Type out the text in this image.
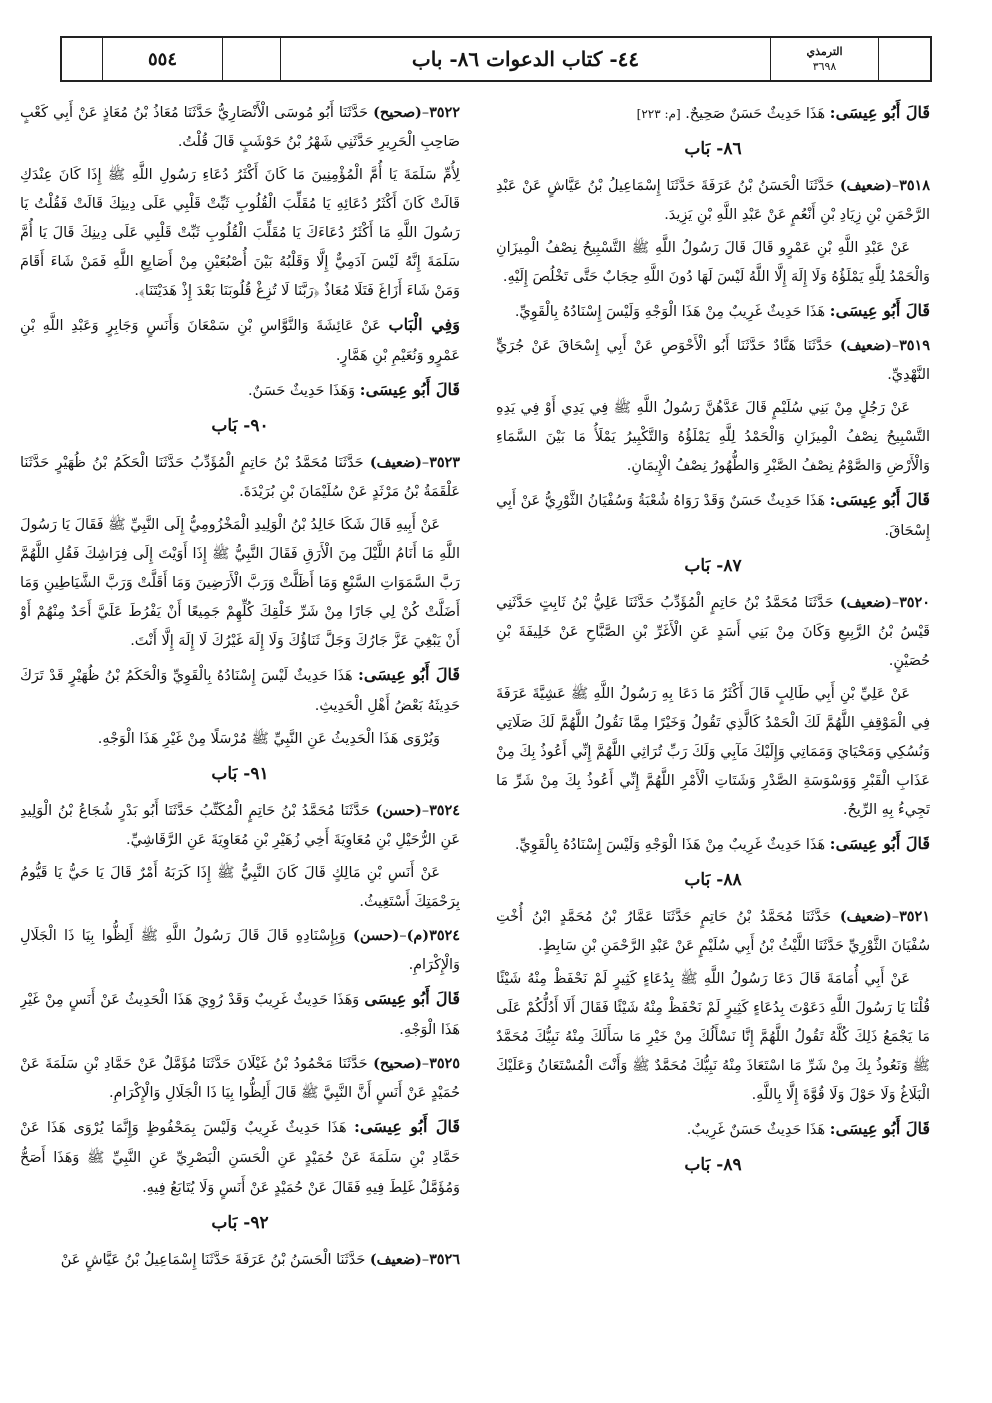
٥٥٤	٤٤- كتاب الدعوات ٨٦- باب	الترمذي
٣٦٩٨

قَالَ أَبُو عِيسَى: هَذَا حَدِيثٌ حَسَنٌ صَحِيحٌ. [م: ٢٢٣]

٨٦- بَاب

٣٥١٨–(ضعيف) حَدَّثَنَا الْحَسَنُ بْنُ عَرَفَةَ حَدَّثَنَا إِسْمَاعِيلُ بْنُ عَيَّاشٍ عَنْ عَبْدِ الرَّحْمَنِ بْنِ زِيَادِ بْنِ أَنْعُمٍ عَنْ عَبْدِ اللَّهِ بْنِ يَزِيدَ.

عَنْ عَبْدِ اللَّهِ بْنِ عَمْرٍو قَالَ قَالَ رَسُولُ اللَّهِ ﷺ التَّسْبِيحُ نِصْفُ الْمِيزَانِ وَالْحَمْدُ لِلَّهِ يَمْلَؤُهُ وَلَا إِلَهَ إِلَّا اللَّهُ لَيْسَ لَهَا دُونَ اللَّهِ حِجَابٌ حَتَّى تَخْلُصَ إِلَيْهِ.

قَالَ أَبُو عِيسَى: هَذَا حَدِيثٌ غَرِيبٌ مِنْ هَذَا الْوَجْهِ وَلَيْسَ إِسْنَادُهُ بِالْقَوِيِّ.

٣٥١٩–(ضعيف) حَدَّثَنَا هَنَّادٌ حَدَّثَنَا أَبُو الْأَحْوَصِ عَنْ أَبِي إِسْحَاقَ عَنْ جُرَيٍّ النَّهْدِيِّ.

عَنْ رَجُلٍ مِنْ بَنِي سُلَيْمٍ قَالَ عَدَّهُنَّ رَسُولُ اللَّهِ ﷺ فِي يَدِي أَوْ فِي يَدِهِ التَّسْبِيحُ نِصْفُ الْمِيزَانِ وَالْحَمْدُ لِلَّهِ يَمْلَؤُهُ وَالتَّكْبِيرُ يَمْلَأُ مَا بَيْنَ السَّمَاءِ وَالْأَرْضِ وَالصَّوْمُ نِصْفُ الصَّبْرِ وَالطُّهُورُ نِصْفُ الْإِيمَانِ.

قَالَ أَبُو عِيسَى: هَذَا حَدِيثٌ حَسَنٌ وَقَدْ رَوَاهُ شُعْبَةُ وَسُفْيَانُ الثَّوْرِيُّ عَنْ أَبِي إِسْحَاقَ.

٨٧- بَاب

٣٥٢٠–(ضعيف) حَدَّثَنَا مُحَمَّدُ بْنُ حَاتِمٍ الْمُؤَدِّبُ حَدَّثَنَا عَلِيُّ بْنُ ثَابِتٍ حَدَّثَنِي قَيْسُ بْنُ الرَّبِيعِ وَكَانَ مِنْ بَنِي أَسَدٍ عَنِ الْأَغَرِّ بْنِ الصَّبَّاحِ عَنْ خَلِيفَةَ بْنِ حُصَيْنٍ.

عَنْ عَلِيِّ بْنِ أَبِي طَالِبٍ قَالَ أَكْثَرُ مَا دَعَا بِهِ رَسُولُ اللَّهِ ﷺ عَشِيَّةَ عَرَفَةَ فِي الْمَوْقِفِ اللَّهُمَّ لَكَ الْحَمْدُ كَالَّذِي تَقُولُ وَخَيْرًا مِمَّا نَقُولُ اللَّهُمَّ لَكَ صَلَاتِي وَنُسُكِي وَمَحْيَايَ وَمَمَاتِي وَإِلَيْكَ مَآبِي وَلَكَ رَبِّ تُرَاثِي اللَّهُمَّ إِنِّي أَعُوذُ بِكَ مِنْ عَذَابِ الْقَبْرِ وَوَسْوَسَةِ الصَّدْرِ وَشَتَاتِ الْأَمْرِ اللَّهُمَّ إِنِّي أَعُوذُ بِكَ مِنْ شَرِّ مَا تَجِيءُ بِهِ الرِّيحُ.

قَالَ أَبُو عِيسَى: هَذَا حَدِيثٌ غَرِيبٌ مِنْ هَذَا الْوَجْهِ وَلَيْسَ إِسْنَادُهُ بِالْقَوِيِّ.

٨٨- بَاب

٣٥٢١–(ضعيف) حَدَّثَنَا مُحَمَّدُ بْنُ حَاتِمٍ حَدَّثَنَا عَمَّارُ بْنُ مُحَمَّدٍ ابْنُ أُخْتِ سُفْيَانَ الثَّوْرِيِّ حَدَّثَنَا اللَّيْثُ بْنُ أَبِي سُلَيْمٍ عَنْ عَبْدِ الرَّحْمَنِ بْنِ سَابِطٍ.

عَنْ أَبِي أُمَامَةَ قَالَ دَعَا رَسُولُ اللَّهِ ﷺ بِدُعَاءٍ كَثِيرٍ لَمْ نَحْفَظْ مِنْهُ شَيْئًا قُلْنَا يَا رَسُولَ اللَّهِ دَعَوْتَ بِدُعَاءٍ كَثِيرٍ لَمْ نَحْفَظْ مِنْهُ شَيْئًا فَقَالَ أَلَا أَدُلُّكُمْ عَلَى مَا يَجْمَعُ ذَلِكَ كُلَّهُ تَقُولُ اللَّهُمَّ إِنَّا نَسْأَلُكَ مِنْ خَيْرِ مَا سَأَلَكَ مِنْهُ نَبِيُّكَ مُحَمَّدٌ ﷺ وَنَعُوذُ بِكَ مِنْ شَرِّ مَا اسْتَعَاذَ مِنْهُ نَبِيُّكَ مُحَمَّدٌ ﷺ وَأَنْتَ الْمُسْتَعَانُ وَعَلَيْكَ الْبَلَاغُ وَلَا حَوْلَ وَلَا قُوَّةَ إِلَّا بِاللَّهِ.

قَالَ أَبُو عِيسَى: هَذَا حَدِيثٌ حَسَنٌ غَرِيبٌ.

٨٩- بَاب

٣٥٢٢–(صحيح) حَدَّثَنَا أَبُو مُوسَى الْأَنْصَارِيُّ حَدَّثَنَا مُعَاذُ بْنُ مُعَاذٍ عَنْ أَبِي كَعْبٍ صَاحِبِ الْحَرِيرِ حَدَّثَنِي شَهْرُ بْنُ حَوْشَبٍ قَالَ قُلْتُ.

لِأُمِّ سَلَمَةَ يَا أُمَّ الْمُؤْمِنِينَ مَا كَانَ أَكْثَرُ دُعَاءِ رَسُولِ اللَّهِ ﷺ إِذَا كَانَ عِنْدَكِ قَالَتْ كَانَ أَكْثَرُ دُعَائِهِ يَا مُقَلِّبَ الْقُلُوبِ ثَبِّتْ قَلْبِي عَلَى دِينِكَ قَالَتْ فَقُلْتُ يَا رَسُولَ اللَّهِ مَا أَكْثَرُ دُعَاءَكَ يَا مُقَلِّبَ الْقُلُوبِ ثَبِّتْ قَلْبِي عَلَى دِينِكَ قَالَ يَا أُمَّ سَلَمَةَ إِنَّهُ لَيْسَ آدَمِيٌّ إِلَّا وَقَلْبُهُ بَيْنَ أُصْبُعَيْنِ مِنْ أَصَابِعِ اللَّهِ فَمَنْ شَاءَ أَقَامَ وَمَنْ شَاءَ أَزَاغَ فَتَلَا مُعَاذٌ ﴿رَبَّنَا لَا تُزِغْ قُلُوبَنَا بَعْدَ إِذْ هَدَيْتَنَا﴾.

وَفِي الْبَاب عَنْ عَائِشَةَ وَالنَّوَّاسِ بْنِ سَمْعَانَ وَأَنَسٍ وَجَابِرٍ وَعَبْدِ اللَّهِ بْنِ عَمْرٍو وَنُعَيْمِ بْنِ هَمَّارٍ.

قَالَ أَبُو عِيسَى: وَهَذَا حَدِيثٌ حَسَنٌ.

٩٠- بَاب

٣٥٢٣–(ضعيف) حَدَّثَنَا مُحَمَّدُ بْنُ حَاتِمٍ الْمُؤَدِّبُ حَدَّثَنَا الْحَكَمُ بْنُ ظُهَيْرٍ حَدَّثَنَا عَلْقَمَةُ بْنُ مَرْثَدٍ عَنْ سُلَيْمَانَ بْنِ بُرَيْدَةَ.

عَنْ أَبِيهِ قَالَ شَكَا خَالِدُ بْنُ الْوَلِيدِ الْمَخْزُومِيُّ إِلَى النَّبِيِّ ﷺ فَقَالَ يَا رَسُولَ اللَّهِ مَا أَنَامُ اللَّيْلَ مِنَ الْأَرَقِ فَقَالَ النَّبِيُّ ﷺ إِذَا أَوَيْتَ إِلَى فِرَاشِكَ فَقُلِ اللَّهُمَّ رَبَّ السَّمَوَاتِ السَّبْعِ وَمَا أَظَلَّتْ وَرَبَّ الْأَرَضِينَ وَمَا أَقَلَّتْ وَرَبَّ الشَّيَاطِينِ وَمَا أَضَلَّتْ كُنْ لِي جَارًا مِنْ شَرِّ خَلْقِكَ كُلِّهِمْ جَمِيعًا أَنْ يَفْرُطَ عَلَيَّ أَحَدٌ مِنْهُمْ أَوْ أَنْ يَبْغِيَ عَزَّ جَارُكَ وَجَلَّ ثَنَاؤُكَ وَلَا إِلَهَ غَيْرُكَ لَا إِلَهَ إِلَّا أَنْتَ.

قَالَ أَبُو عِيسَى: هَذَا حَدِيثٌ لَيْسَ إِسْنَادُهُ بِالْقَوِيِّ وَالْحَكَمُ بْنُ ظُهَيْرٍ قَدْ تَرَكَ حَدِيثَهُ بَعْضُ أَهْلِ الْحَدِيثِ.

وَيُرْوَى هَذَا الْحَدِيثُ عَنِ النَّبِيِّ ﷺ مُرْسَلًا مِنْ غَيْرِ هَذَا الْوَجْهِ.

٩١- بَاب

٣٥٢٤–(حسن) حَدَّثَنَا مُحَمَّدُ بْنُ حَاتِمٍ الْمُكَتِّبُ حَدَّثَنَا أَبُو بَدْرٍ شُجَاعُ بْنُ الْوَلِيدِ عَنِ الرُّحَيْلِ بْنِ مُعَاوِيَةَ أَخِي زُهَيْرِ بْنِ مُعَاوِيَةَ عَنِ الرَّقَاشِيِّ.

عَنْ أَنَسِ بْنِ مَالِكٍ قَالَ كَانَ النَّبِيُّ ﷺ إِذَا كَرَبَهُ أَمْرٌ قَالَ يَا حَيُّ يَا قَيُّومُ بِرَحْمَتِكَ أَسْتَغِيثُ.

٣٥٢٤(م)–(حسن) وَبِإِسْنَادِهِ قَالَ قَالَ رَسُولُ اللَّهِ ﷺ أَلِظُّوا بِيَا ذَا الْجَلَالِ وَالْإِكْرَامِ.

قَالَ أَبُو عِيسَى وَهَذَا حَدِيثٌ غَرِيبٌ وَقَدْ رُوِيَ هَذَا الْحَدِيثُ عَنْ أَنَسٍ مِنْ غَيْرِ هَذَا الْوَجْهِ.

٣٥٢٥–(صحيح) حَدَّثَنَا مَحْمُودُ بْنُ غَيْلَانَ حَدَّثَنَا مُؤَمَّلٌ عَنْ حَمَّادِ بْنِ سَلَمَةَ عَنْ حُمَيْدٍ عَنْ أَنَسٍ أَنَّ النَّبِيَّ ﷺ قَالَ أَلِظُّوا بِيَا ذَا الْجَلَالِ وَالْإِكْرَامِ.

قَالَ أَبُو عِيسَى: هَذَا حَدِيثٌ غَرِيبٌ وَلَيْسَ بِمَحْفُوظٍ وَإِنَّمَا يُرْوَى هَذَا عَنْ حَمَّادِ بْنِ سَلَمَةَ عَنْ حُمَيْدٍ عَنِ الْحَسَنِ الْبَصْرِيِّ عَنِ النَّبِيِّ ﷺ وَهَذَا أَصَحُّ وَمُؤَمَّلٌ غَلِطَ فِيهِ فَقَالَ عَنْ حُمَيْدٍ عَنْ أَنَسٍ وَلَا يُتَابَعُ فِيهِ.

٩٢- بَاب

٣٥٢٦–(ضعيف) حَدَّثَنَا الْحَسَنُ بْنُ عَرَفَةَ حَدَّثَنَا إِسْمَاعِيلُ بْنُ عَيَّاشٍ عَنْ
